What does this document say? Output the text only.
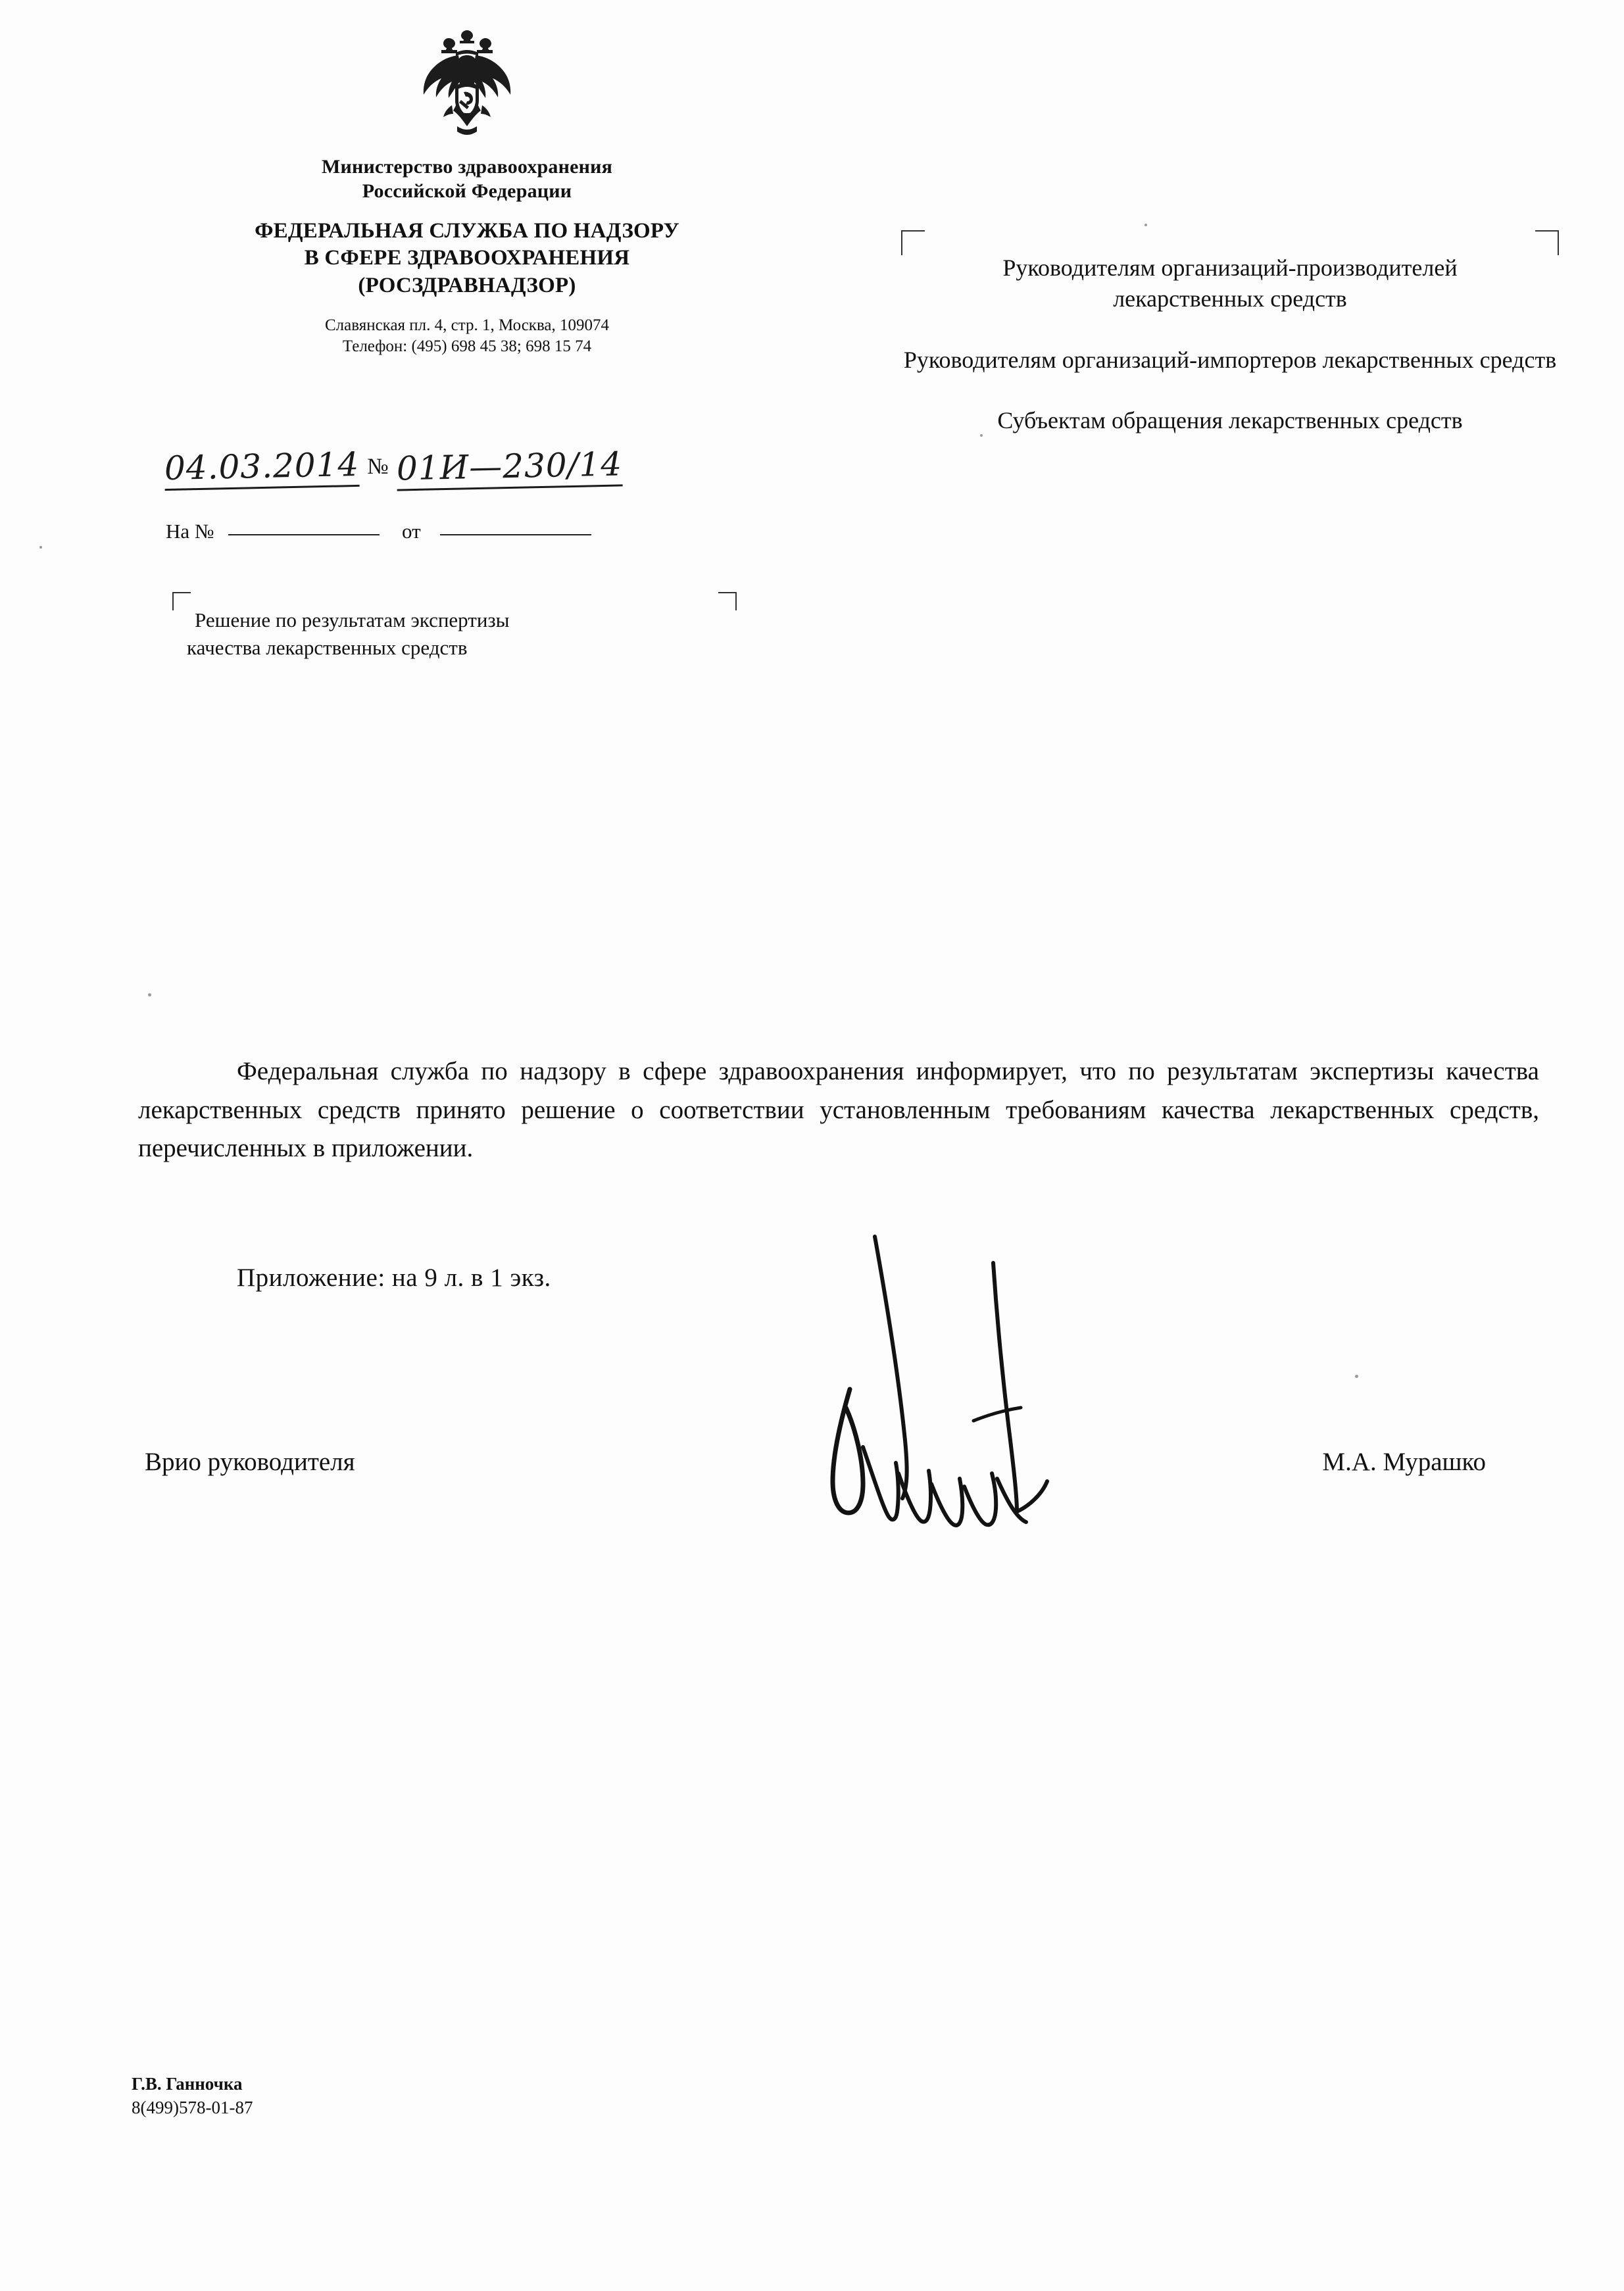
Министерство здравоохранения
Российской Федерации
ФЕДЕРАЛЬНАЯ СЛУЖБА ПО НАДЗОРУ
В СФЕРЕ ЗДРАВООХРАНЕНИЯ
(РОСЗДРАВНАДЗОР)
Славянская пл. 4, стр. 1, Москва, 109074
Телефон: (495) 698 45 38; 698 15 74
04.03.2014 № 01И—230/14
На №	от
Решение по результатам экспертизы
качества лекарственных средств

Руководителям организаций-производителей лекарственных средств

Руководителям организаций-импортеров лекарственных средств

Субъектам обращения лекарственных средств

Федеральная служба по надзору в сфере здравоохранения информирует, что по результатам экспертизы качества лекарственных средств принято решение о соответствии установленным требованиям качества лекарственных средств, перечисленных в приложении.

Приложение: на 9 л. в 1 экз.
Врио руководителя	М.А. Мурашко
Г.В. Ганночка
8(499)578-01-87
